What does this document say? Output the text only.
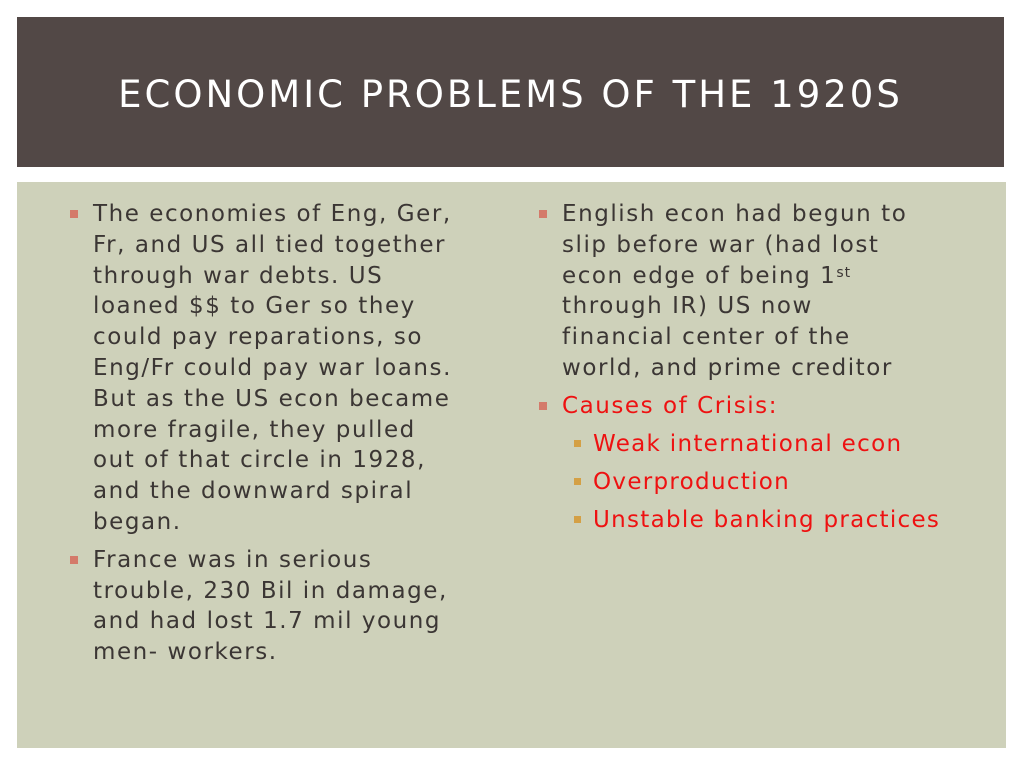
ECONOMIC PROBLEMS OF THE 1920S
The economies of Eng, Ger,
Fr, and US all tied together
through war debts. US
loaned $$ to Ger so they
could pay reparations, so
Eng/Fr could pay war loans.
But as the US econ became
more fragile, they pulled
out of that circle in 1928,
and the downward spiral
began.
France was in serious
trouble, 230 Bil in damage,
and had lost 1.7 mil young
men- workers.
English econ had begun to
slip before war (had lost
econ edge of being 1st
through IR) US now
financial center of the
world, and prime creditor
Causes of Crisis:
Weak international econ
Overproduction
Unstable banking practices
